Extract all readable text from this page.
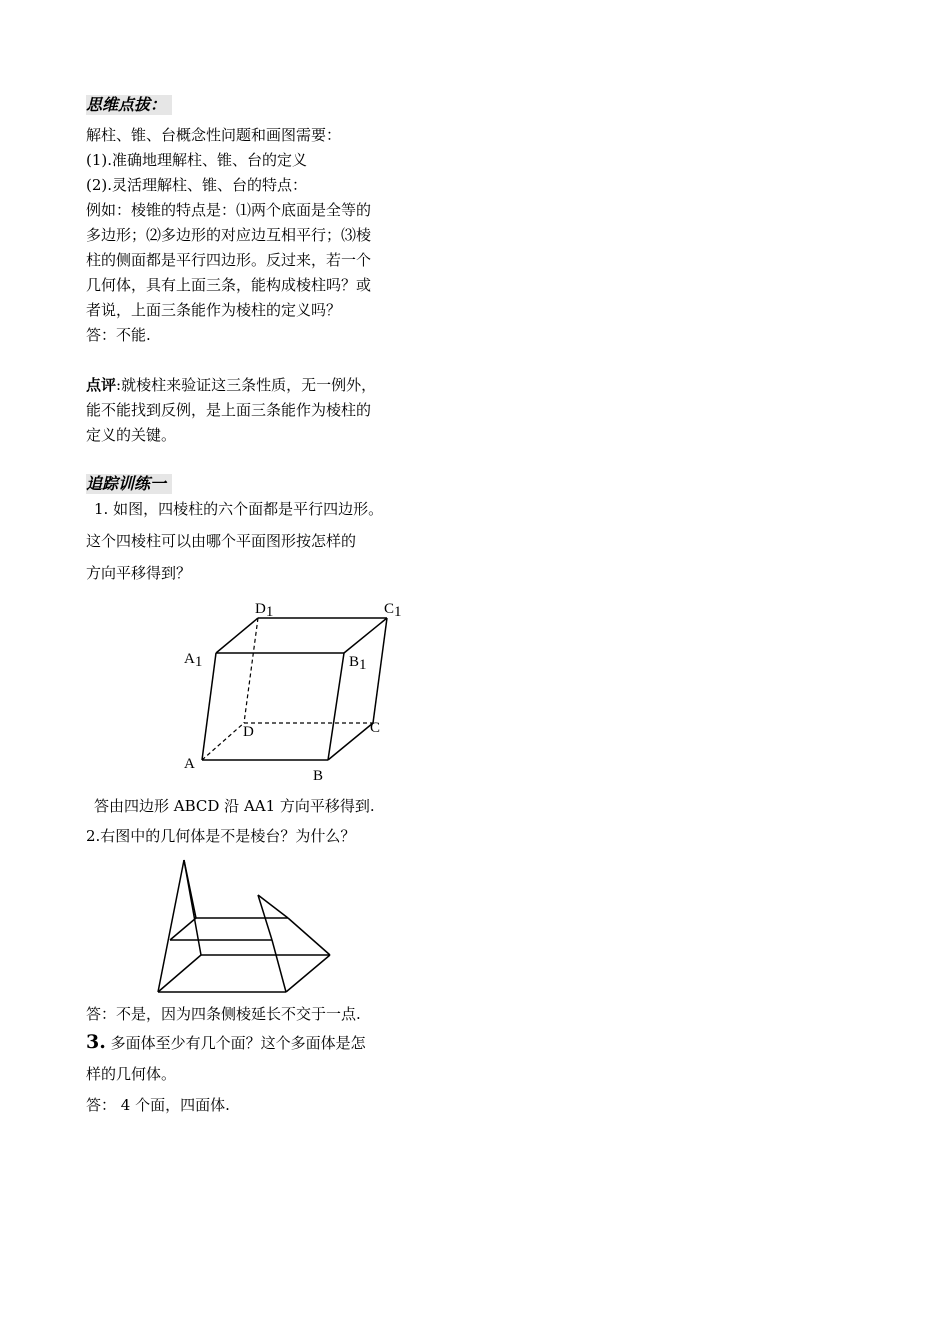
思维点拔：
解柱、锥、台概念性问题和画图需要：
(1).准确地理解柱、锥、台的定义
(2).灵活理解柱、锥、台的特点：
例如：棱锥的特点是：⑴两个底面是全等的
多边形；⑵多边形的对应边互相平行；⑶棱
柱的侧面都是平行四边形。反过来，若一个
几何体，具有上面三条，能构成棱柱吗？或
者说，上面三条能作为棱柱的定义吗？
答：不能.
点评:就棱柱来验证这三条性质，无一例外，
能不能找到反例，是上面三条能作为棱柱的
定义的关键。
追踪训练一
1. 如图，四棱柱的六个面都是平行四边形。
这个四棱柱可以由哪个平面图形按怎样的
方向平移得到？
答由四边形 ABCD 沿 AA1 方向平移得到.
2.右图中的几何体是不是棱台？为什么？
答：不是，因为四条侧棱延长不交于一点.
3. 多面体至少有几个面？这个多面体是怎
样的几何体。
答： 4 个面，四面体.
D1	C1
A1	B1
D	C
A
B
